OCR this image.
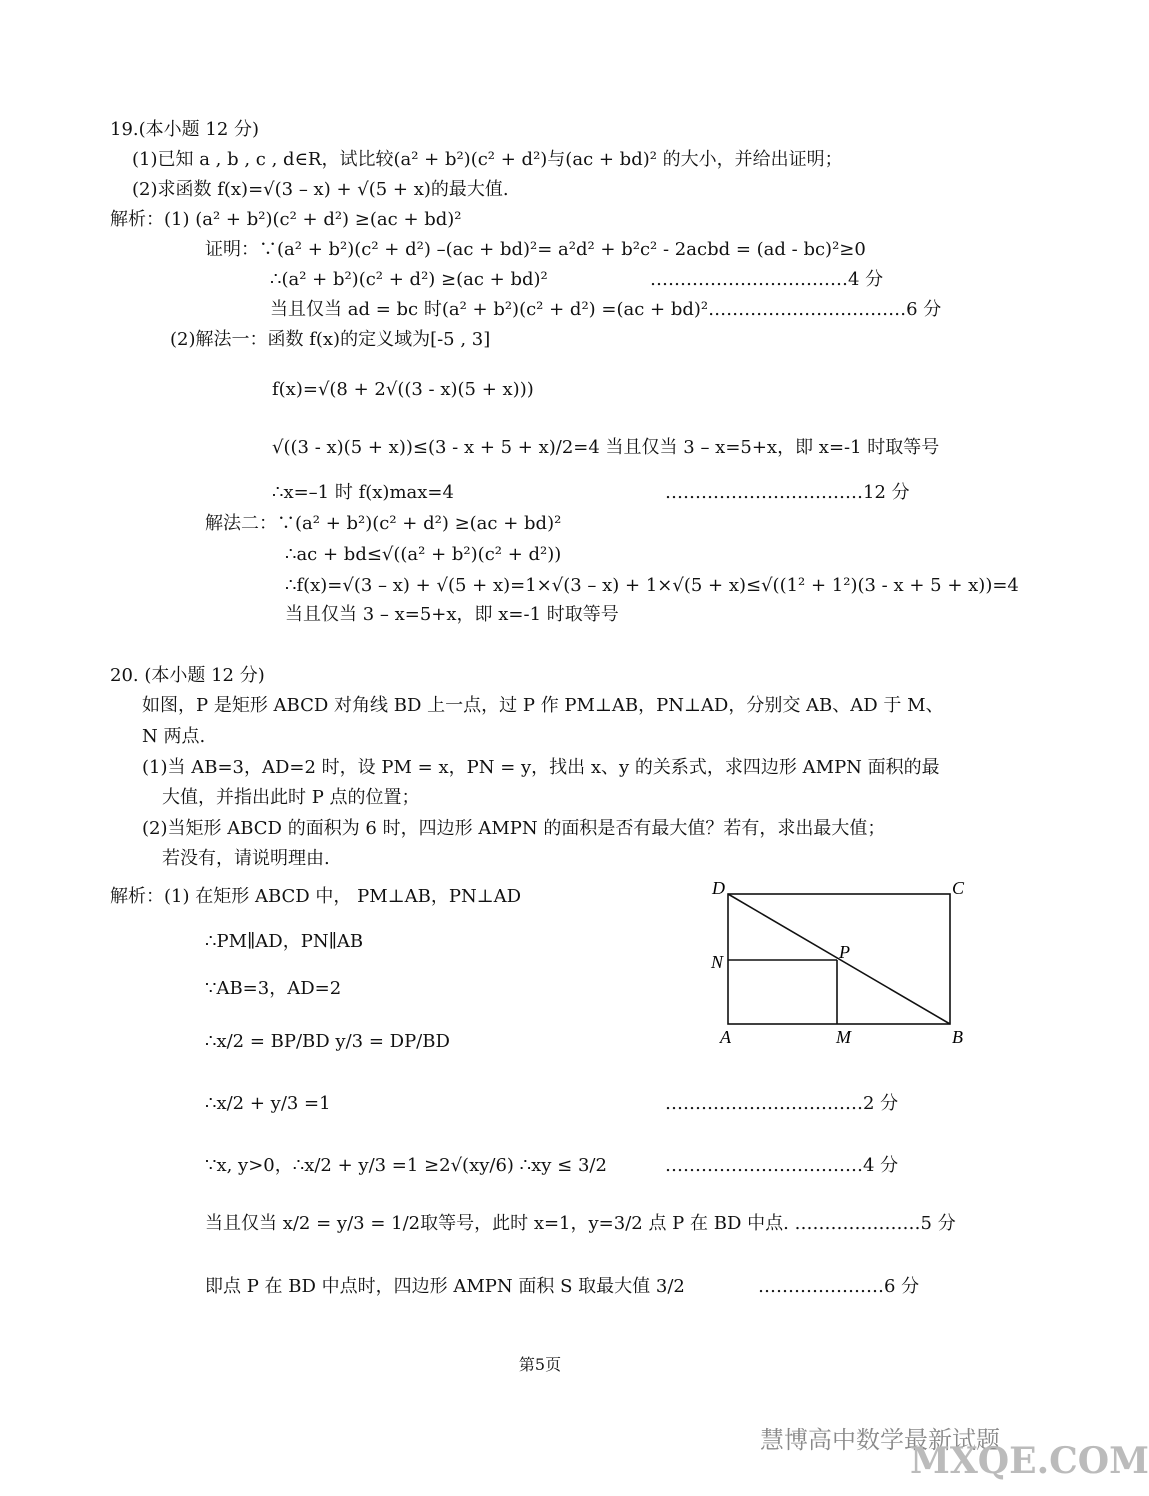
19.(本小题 12 分)
(1)已知 a , b , c , d∈R，试比较(a² + b²)(c² + d²)与(ac + bd)² 的大小，并给出证明；
(2)求函数 f(x)=√(3 – x) + √(5 + x)的最大值.
解析：(1) (a² + b²)(c² + d²) ≥(ac + bd)²
证明：∵(a² + b²)(c² + d²) –(ac + bd)²= a²d² + b²c² - 2acbd = (ad - bc)²≥0
∴(a² + b²)(c² + d²) ≥(ac + bd)²	……………………………4 分
当且仅当 ad = bc 时(a² + b²)(c² + d²) =(ac + bd)²……………………………6 分
(2)解法一：函数 f(x)的定义域为[-5 , 3]
f(x)=√(8 + 2√((3 - x)(5 + x)))
√((3 - x)(5 + x))≤(3 - x + 5 + x)/2=4 当且仅当 3 – x=5+x，即 x=-1 时取等号
∴x=–1 时 f(x)max=4	……………………………12 分
解法二：∵(a² + b²)(c² + d²) ≥(ac + bd)²
∴ac + bd≤√((a² + b²)(c² + d²))
∴f(x)=√(3 – x) + √(5 + x)=1×√(3 – x) + 1×√(5 + x)≤√((1² + 1²)(3 - x + 5 + x))=4
当且仅当 3 – x=5+x，即 x=-1 时取等号
20. (本小题 12 分)
如图，P 是矩形 ABCD 对角线 BD 上一点，过 P 作 PM⊥AB，PN⊥AD，分别交 AB、AD 于 M、
N 两点.
(1)当 AB=3，AD=2 时，设 PM = x，PN = y，找出 x、y 的关系式，求四边形 AMPN 面积的最
大值，并指出此时 P 点的位置；
(2)当矩形 ABCD 的面积为 6 时，四边形 AMPN 的面积是否有最大值？若有，求出最大值；
若没有，请说明理由.
解析：(1) 在矩形 ABCD 中， PM⊥AB，PN⊥AD
∴PM∥AD，PN∥AB
∵AB=3，AD=2
∴x/2 = BP/BD y/3 = DP/BD
∴x/2 + y/3 =1	……………………………2 分
∵x, y>0，∴x/2 + y/3 =1 ≥2√(xy/6) ∴xy ≤ 3/2	……………………………4 分
当且仅当 x/2 = y/3 = 1/2取等号，此时 x=1，y=3/2 点 P 在 BD 中点. …………………5 分
即点 P 在 BD 中点时，四边形 AMPN 面积 S 取最大值 3/2	…………………6 分
D	C
N	P
A	M	B
第5页
慧博高中数学最新试题
MXQE.COM
